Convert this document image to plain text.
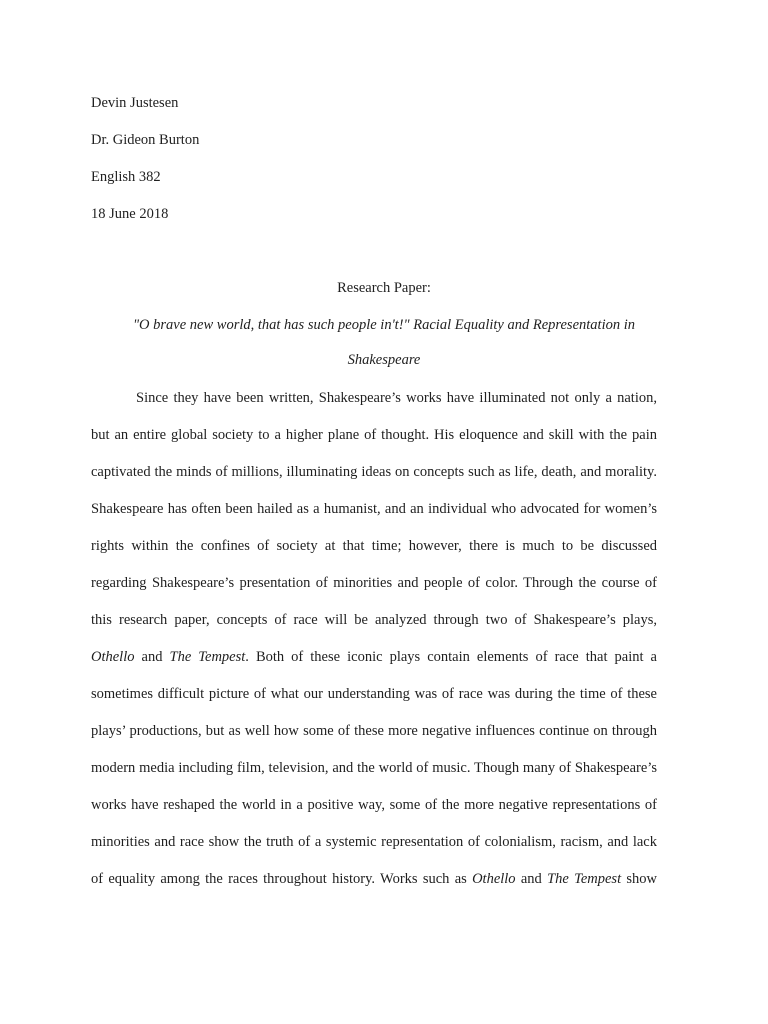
Devin Justesen
Dr. Gideon Burton
English 382
18 June 2018
Research Paper:
"O brave new world, that has such people in't!" Racial Equality and Representation in
Shakespeare
Since they have been written, Shakespeare’s works have illuminated not only a nation,
but an entire global society to a higher plane of thought. His eloquence and skill with the pain
captivated the minds of millions, illuminating ideas on concepts such as life, death, and morality.
Shakespeare has often been hailed as a humanist, and an individual who advocated for women’s
rights within the confines of society at that time; however, there is much to be discussed
regarding Shakespeare’s presentation of minorities and people of color. Through the course of
this research paper, concepts of race will be analyzed through two of Shakespeare’s plays,
Othello and The Tempest. Both of these iconic plays contain elements of race that paint a
sometimes difficult picture of what our understanding was of race was during the time of these
plays’ productions, but as well how some of these more negative influences continue on through
modern media including film, television, and the world of music. Though many of Shakespeare’s
works have reshaped the world in a positive way, some of the more negative representations of
minorities and race show the truth of a systemic representation of colonialism, racism, and lack
of equality among the races throughout history. Works such as Othello and The Tempest show
